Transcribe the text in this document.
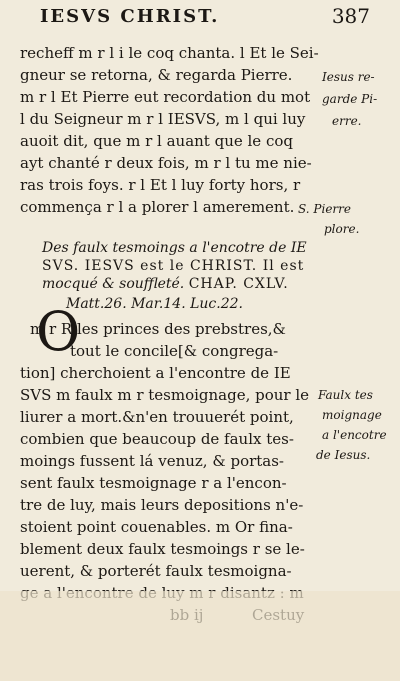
IESVS CHRIST.	387
recheff m r l i le coq chanta. l Et le Sei-
gneur se retorna, & regarda Pierre.
m r l Et Pierre eut recordation du mot
l du Seigneur m r l IESVS, m l qui luy
auoit dit, que m r l auant que le coq
ayt chanté r deux fois, m r l tu me nie-
ras trois foys. r l Et l luy forty hors, r
commença r l a plorer l amerement.
Iesus re-
garde Pi-
erre.
S. Pierre
plore.
Des faulx tesmoings a l'encotre de IE
SVS. IESVS est le CHRIST. Il est
mocqué & souffleté. CHAP. CXLV.
Matt.26. Mar.14. Luc.22.
O
m r R les princes des prebstres,&
tout le concile[& congrega-
tion] cherchoient a l'encontre de IE
SVS m faulx m r tesmoignage, pour le
liurer a mort.&n'en trouuerét point,
combien que beaucoup de faulx tes-
moings fussent lá venuz, & portas-
sent faulx tesmoignage r a l'encon-
tre de luy, mais leurs depositions n'e-
stoient point couenables. m Or fina-
blement deux faulx tesmoings r se le-
uerent, & porterét faulx tesmoigna-
Faulx tes
moignage
a l'encotre
de Iesus.
